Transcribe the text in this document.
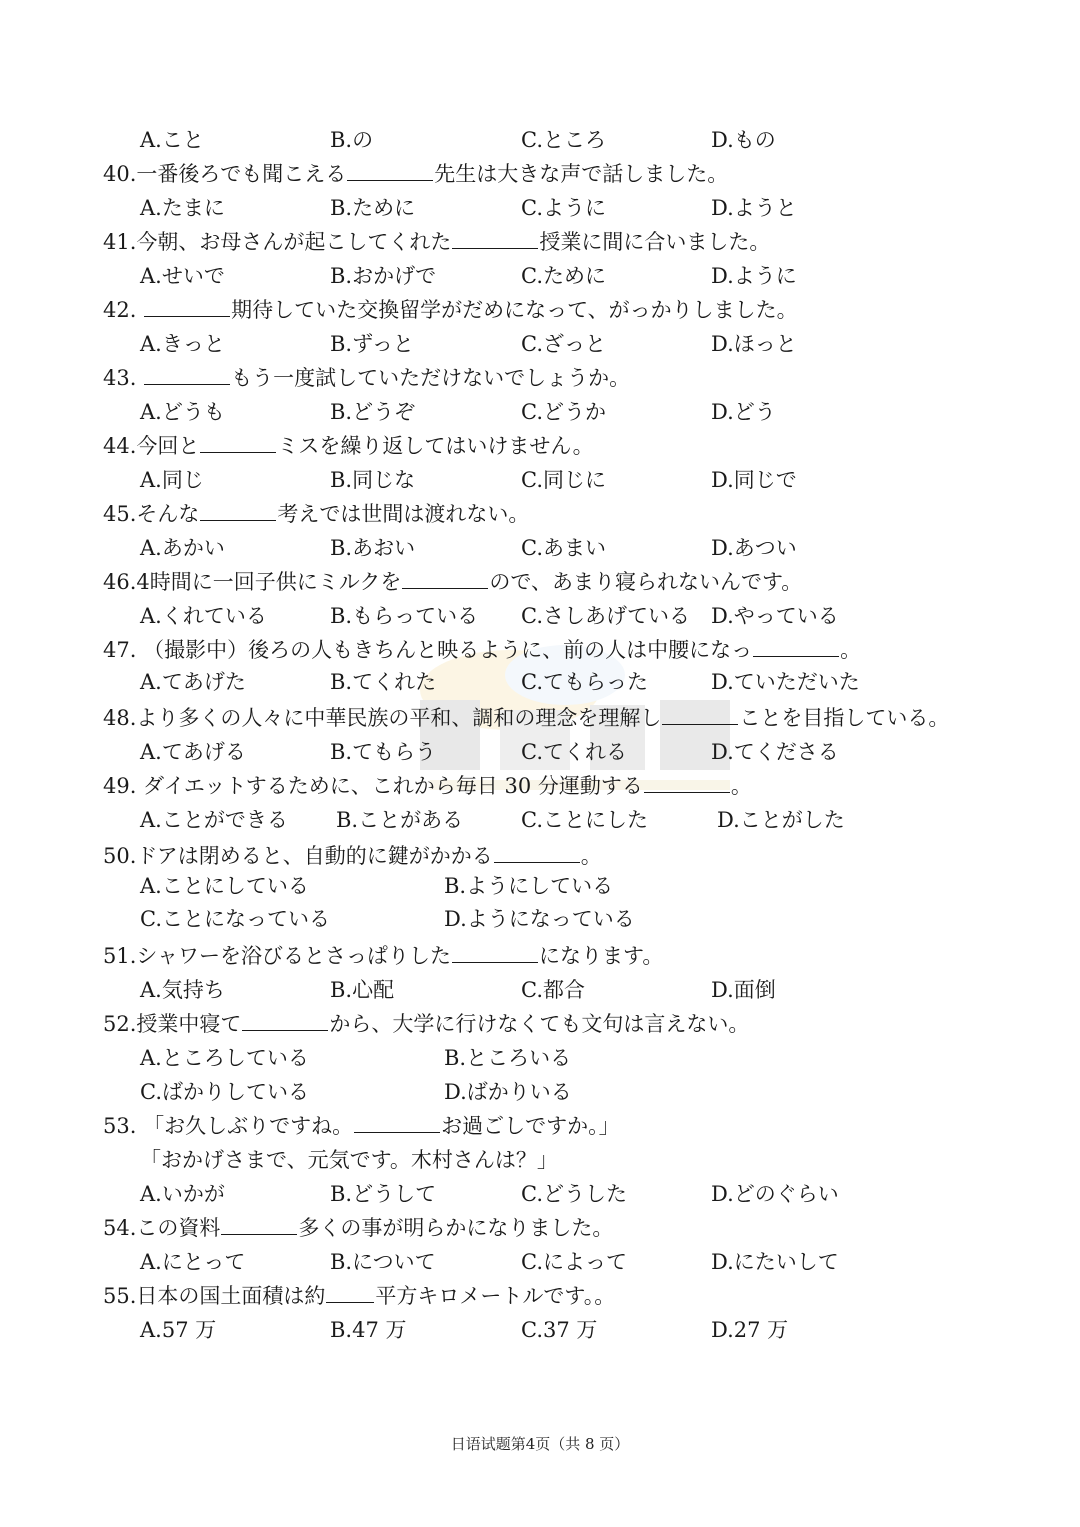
A.こと	B.の	C.ところ	D.もの
40.一番後ろでも聞こえる	先生は大きな声で話しました。
A.たまに	B.ために	C.ように	D.ようと
41.今朝、お母さんが起こしてくれた	授業に間に合いました。
A.せいで	B.おかげで	C.ために	D.ように
42.	期待していた交換留学がだめになって、がっかりしました。
A.きっと	B.ずっと	C.ざっと	D.ほっと
43.	もう一度試していただけないでしょうか。
A.どうも	B.どうぞ	C.どうか	D.どう
44.今回と	ミスを繰り返してはいけません。
A.同じ	B.同じな	C.同じに	D.同じで
45.そんな	考えでは世間は渡れない。
A.あかい	B.あおい	C.あまい	D.あつい
46.4時間に一回子供にミルクを	ので、あまり寝られないんです。
A.くれている	B.もらっている C.さしあげている D.やっている
47. （撮影中）後ろの人もきちんと映るように、前の人は中腰になっ	。
A.てあげた	B.てくれた	C.てもらった	D.ていただいた
48.より多くの人々に中華民族の平和、調和の理念を理解し	ことを目指している。
A.てあげる	B.てもらう	C.てくれる	D.てくださる
49. ダイエットするために、これから毎日 30 分運動する	。
A.ことができる B.ことがある	C.ことにした	D.ことがした
50.ドアは閉めると、自動的に鍵がかかる	。
A.ことにしている	B.ようにしている
C.ことになっている	D.ようになっている
51.シャワーを浴びるとさっぱりした	になります。
A.気持ち	B.心配	C.都合	D.面倒
52.授業中寝て	から、大学に行けなくても文句は言えない。
A.ところしている	B.ところいる
C.ばかりしている	D.ばかりいる
53. 「お久しぶりですね。	お過ごしですか。」
「おかげさまで、元気です。木村さんは？」
A.いかが	B.どうして	C.どうした	D.どのぐらい
54.この資料	多くの事が明らかになりました。
A.にとって	B.について	C.によって	D.にたいして
55.日本の国土面積は約 平方キロメートルです。。
A.57 万	B.47 万	C.37 万	D.27 万
日语试题第4页（共 8 页）
